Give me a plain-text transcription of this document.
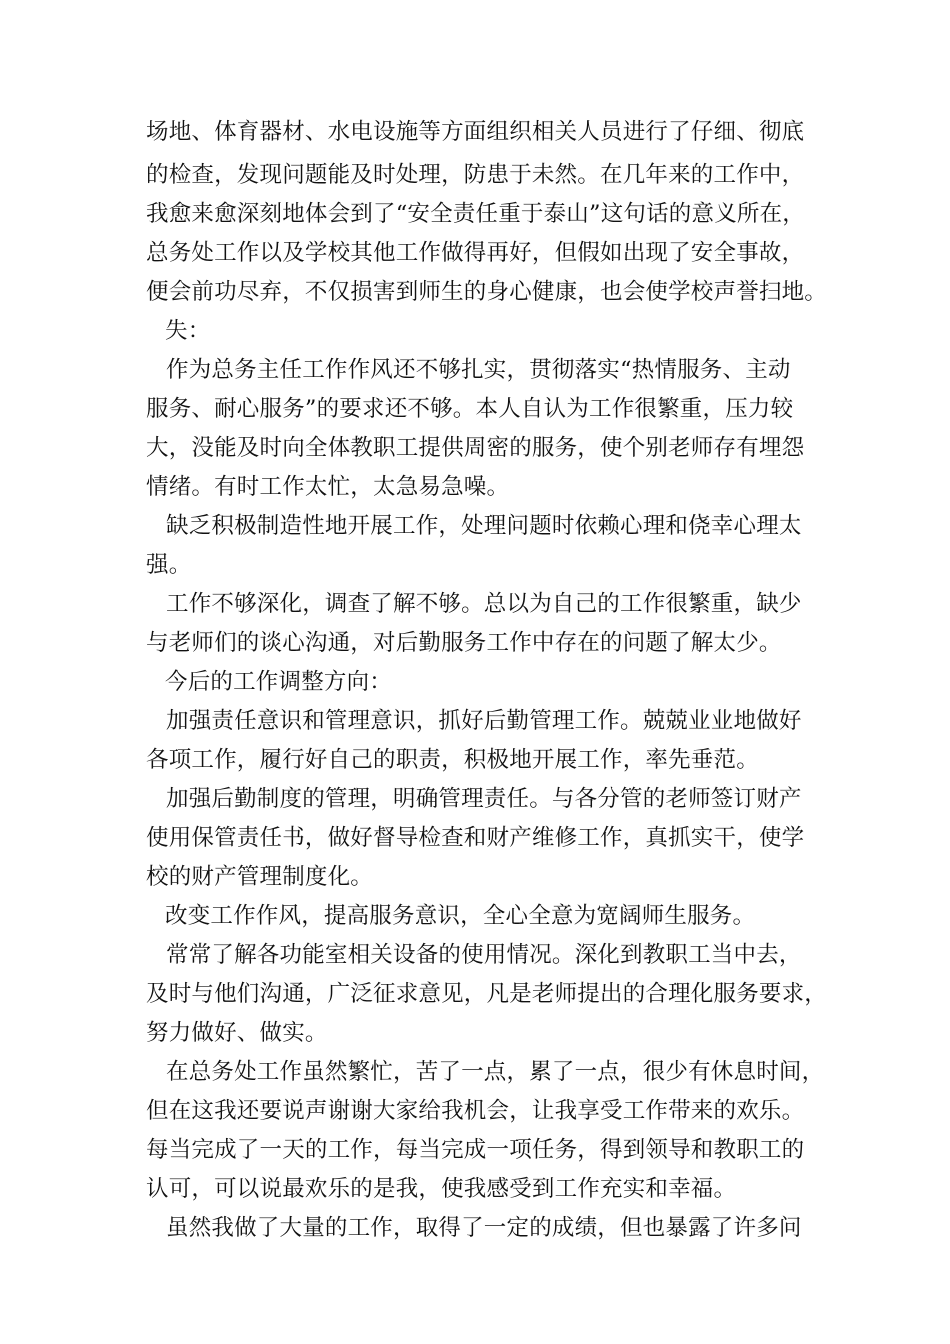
场地、体育器材、水电设施等方面组织相关人员进行了仔细、彻底
的检查，发现问题能及时处理，防患于未然。在几年来的工作中，
我愈来愈深刻地体会到了“安全责任重于泰山”这句话的意义所在，
总务处工作以及学校其他工作做得再好，但假如出现了安全事故，
便会前功尽弃，不仅损害到师生的身心健康，也会使学校声誉扫地。
失：
作为总务主任工作作风还不够扎实，贯彻落实“热情服务、主动
服务、耐心服务”的要求还不够。本人自认为工作很繁重，压力较
大，没能及时向全体教职工提供周密的服务，使个别老师存有埋怨
情绪。有时工作太忙，太急易急噪。
缺乏积极制造性地开展工作，处理问题时依赖心理和侥幸心理太
强。
工作不够深化，调查了解不够。总以为自己的工作很繁重，缺少
与老师们的谈心沟通，对后勤服务工作中存在的问题了解太少。
今后的工作调整方向：
加强责任意识和管理意识，抓好后勤管理工作。兢兢业业地做好
各项工作，履行好自己的职责，积极地开展工作，率先垂范。
加强后勤制度的管理，明确管理责任。与各分管的老师签订财产
使用保管责任书，做好督导检查和财产维修工作，真抓实干，使学
校的财产管理制度化。
改变工作作风，提高服务意识，全心全意为宽阔师生服务。
常常了解各功能室相关设备的使用情况。深化到教职工当中去，
及时与他们沟通，广泛征求意见，凡是老师提出的合理化服务要求，
努力做好、做实。
在总务处工作虽然繁忙，苦了一点，累了一点，很少有休息时间，
但在这我还要说声谢谢大家给我机会，让我享受工作带来的欢乐。
每当完成了一天的工作，每当完成一项任务，得到领导和教职工的
认可，可以说最欢乐的是我，使我感受到工作充实和幸福。
虽然我做了大量的工作，取得了一定的成绩，但也暴露了许多问
